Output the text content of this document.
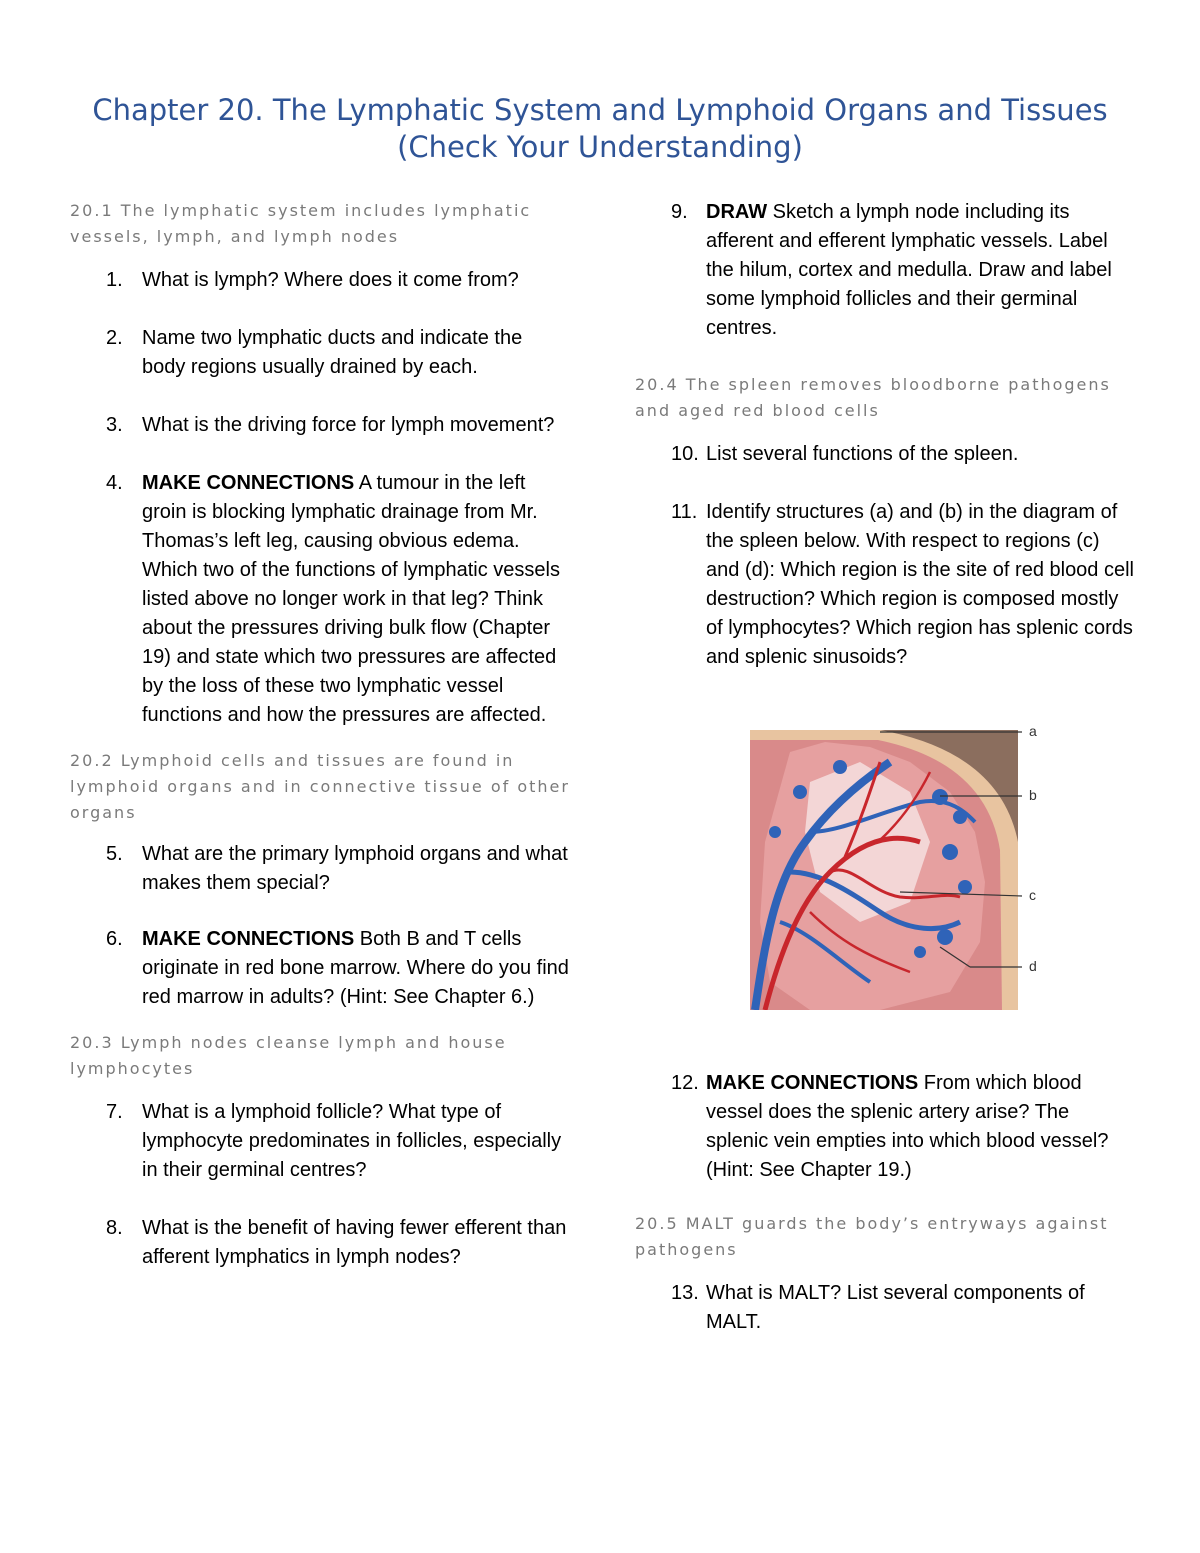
Chapter 20. The Lymphatic System and Lymphoid Organs and Tissues (Check Your Understanding)

20.1 The lymphatic system includes lymphatic vessels, lymph, and lymph nodes

1. What is lymph? Where does it come from?
2. Name two lymphatic ducts and indicate the body regions usually drained by each.
3. What is the driving force for lymph movement?
4. MAKE CONNECTIONS A tumour in the left groin is blocking lymphatic drainage from Mr. Thomas’s left leg, causing obvious edema. Which two of the functions of lymphatic vessels listed above no longer work in that leg? Think about the pressures driving bulk flow (Chapter 19) and state which two pressures are affected by the loss of these two lymphatic vessel functions and how the pressures are affected.

20.2 Lymphoid cells and tissues are found in lymphoid organs and in connective tissue of other organs

5. What are the primary lymphoid organs and what makes them special?
6. MAKE CONNECTIONS Both B and T cells originate in red bone marrow. Where do you find red marrow in adults? (Hint: See Chapter 6.)

20.3 Lymph nodes cleanse lymph and house lymphocytes

7. What is a lymphoid follicle? What type of lymphocyte predominates in follicles, especially in their germinal centres?
8. What is the benefit of having fewer efferent than afferent lymphatics in lymph nodes?
9. DRAW Sketch a lymph node including its afferent and efferent lymphatic vessels. Label the hilum, cortex and medulla. Draw and label some lymphoid follicles and their germinal centres.

20.4 The spleen removes bloodborne pathogens and aged red blood cells

10. List several functions of the spleen.
11. Identify structures (a) and (b) in the diagram of the spleen below. With respect to regions (c) and (d): Which region is the site of red blood cell destruction? Which region is composed mostly of lymphocytes? Which region has splenic cords and splenic sinusoids?
12. MAKE CONNECTIONS From which blood vessel does the splenic artery arise? The splenic vein empties into which blood vessel? (Hint: See Chapter 19.)

20.5 MALT guards the body’s entryways against pathogens

13. What is MALT? List several components of MALT.
a
b
c
d
